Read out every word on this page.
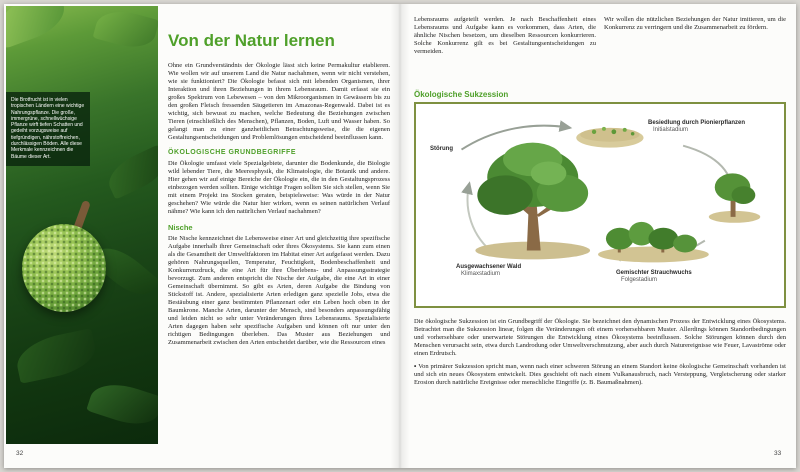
Die Brotfrucht ist in vielen tropischen Ländern eine wichtige Nahrungspflanze. Die große, immergrüne, schnellwüchsige Pflanze wirft tiefen Schatten und gedeiht vorzugsweise auf tiefgründigen, nährstoffreichen, durchlässigen Böden. Alle diese Merkmale kennzeichnen die Bäume dieser Art.
Von der Natur lernen

Ohne ein Grundverständnis der Ökologie lässt sich keine Permakultur etablieren. Wie wollen wir auf unserem Land die Natur nachahmen, wenn wir nicht verstehen, wie sie funktioniert? Die Ökologie befasst sich mit lebenden Organismen, ihrer Interaktion und ihren Beziehungen in ihrem Lebensraum. Damit erfasst sie ein großes Spektrum von Lebewesen – von den Mikroorganismen in Gewässern bis zu den großen Fleisch fressenden Säugetieren im Amazonas-Regenwald. Dabei ist es wichtig, sich bewusst zu machen, welche Bedeutung die Beziehungen zwischen Tieren (einschließlich des Menschen), Pflanzen, Boden, Luft und Wasser haben. So gelangt man zu einer ganzheitlichen Betrachtungsweise, die die eigenen Gestaltungsentscheidungen und Problemlösungen entscheidend beeinflussen kann.

ÖKOLOGISCHE GRUNDBEGRIFFE

Die Ökologie umfasst viele Spezialgebiete, darunter die Bodenkunde, die Biologie wild lebender Tiere, die Meeresphysik, die Klimatologie, die Botanik und andere. Hier gehen wir auf einige Bereiche der Ökologie ein, die in den Gestaltungsprozess einbezogen werden sollten. Einige wichtige Fragen sollten Sie sich stellen, wenn Sie mit einem Projekt ins Stocken geraten, beispielsweise: Was würde in der Natur geschehen? Wie würde die Natur hier wirken, wenn es seinen natürlichen Verlauf nähme? Wie kann ich den natürlichen Verlauf nachahmen?

Nische

Die Nische kennzeichnet die Lebensweise einer Art und gleichzeitig ihre spezifische Aufgabe innerhalb ihrer Gemeinschaft oder ihres Ökosystems. Sie kann zum einen als die Gesamtheit der Umweltfaktoren im Habitat einer Art aufgefasst werden. Dazu gehören Nahrungsquellen, Temperatur, Feuchtigkeit, Bodenbeschaffenheit und Konkurrenzdruck, die eine Art für ihre Überlebens- und Anpassungsstrategie bevorzugt. Zum anderen entspricht die Nische der Aufgabe, die eine Art in einer Gemeinschaft übernimmt. So gibt es Arten, deren Aufgabe die Bindung von Stickstoff ist. Andere, spezialisierte Arten erledigen ganz spezielle Jobs, etwa die Bestäubung einer ganz bestimmten Pflanzenart oder ein Leben hoch oben in der Baumkrone. Manche Arten, darunter der Mensch, sind besonders anpassungsfähig und leiden nicht so sehr unter Veränderungen ihres Lebensraums. Spezialisierte Arten dagegen haben sehr spezifische Aufgaben und können oft nur unter den richtigen Bedingungen überleben. Das Muster aus Beziehungen und Zusammenarbeit zwischen den Arten entscheidet darüber, wie die Ressourcen eines

32

Lebensraums aufgeteilt werden. Je nach Beschaffenheit eines Lebensraums und Aufgabe kann es vorkommen, dass Arten, die ähnliche Nischen besetzen, um dieselben Ressourcen konkurrieren. Solche Konkurrenz gilt es bei Gestaltungsentscheidungen zu vermeiden.

Wir wollen die nützlichen Beziehungen der Natur imitieren, um die Konkurrenz zu verringern und die Zusammenarbeit zu fördern.

Ökologische Sukzession
Besiedlung durch Pionierpflanzen
Initialstadium
Störung
Ausgewachsener Wald
Klimaxstadium	Gemischter Strauchwuchs
Folgestadium

Die ökologische Sukzession ist ein Grundbegriff der Ökologie. Sie bezeichnet den dynamischen Prozess der Entwicklung eines Ökosystems. Betrachtet man die Sukzession linear, folgen die Veränderungen oft einem vorhersehbaren Muster. Allerdings können Standortbedingungen und vorhersehbare oder unerwartete Störungen die Entwicklung eines Ökosystems beeinflussen. Solche Störungen können durch den Menschen verursacht sein, etwa durch Landrodung oder Umweltverschmutzung, aber auch durch Naturereignisse wie Feuer, Lavaströme oder einen Erdrutsch.

• Von primärer Sukzession spricht man, wenn nach einer schweren Störung an einem Standort keine ökologische Gemeinschaft vorhanden ist und sich ein neues Ökosystem entwickelt. Dies geschieht oft nach einem Vulkanausbruch, nach Versteppung, Vergletscherung oder starker Erosion durch natürliche Ereignisse oder menschliche Eingriffe (z. B. Baumaßnahmen).

33
